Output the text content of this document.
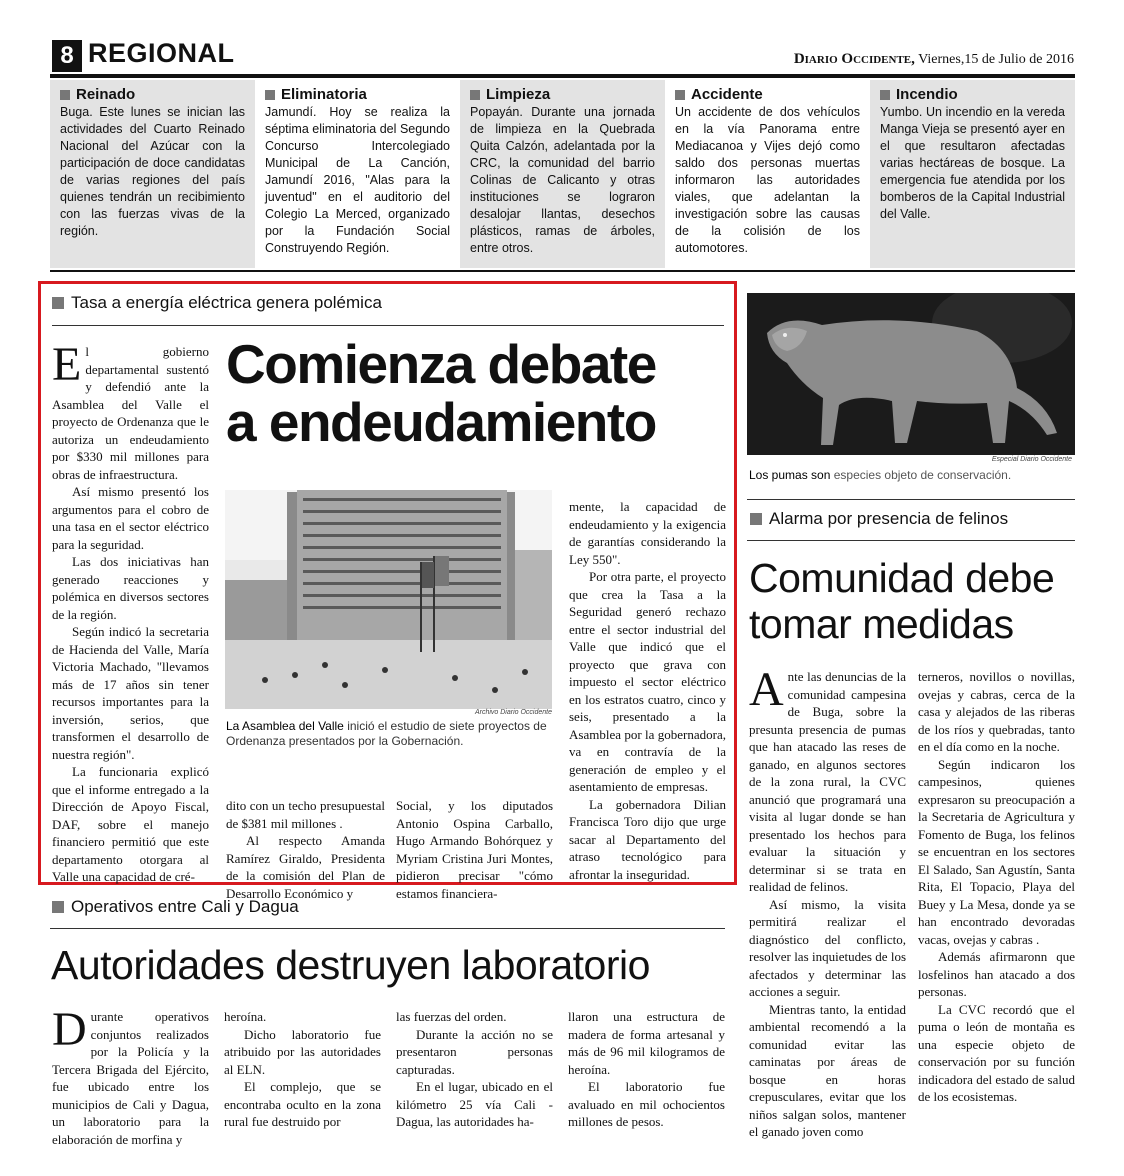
8 REGIONAL	Diario Occidente, Viernes,15 de Julio de 2016
Reinado

Buga. Este lunes se inician las actividades del Cuarto Reinado Nacional del Azúcar con la participación de doce candidatas de varias regiones del país quienes tendrán un recibimiento con las fuerzas vivas de la región.

Eliminatoria

Jamundí. Hoy se realiza la séptima eliminatoria del Segundo Concurso Intercolegiado Municipal de La Canción, Jamundí 2016, "Alas para la juventud" en el auditorio del Colegio La Merced, organizado por la Fundación Social Construyendo Región.

Limpieza

Popayán. Durante una jornada de limpieza en la Quebrada Quita Calzón, adelantada por la CRC, la comunidad del barrio Colinas de Calicanto y otras instituciones se lograron desalojar llantas, desechos plásticos, ramas de árboles, entre otros.

Accidente

Un accidente de dos vehículos en la vía Panorama entre Mediacanoa y Vijes dejó como saldo dos personas muertas informaron las autoridades viales, que adelantan la investigación sobre las causas de la colisión de los automotores.

Incendio

Yumbo. Un incendio en la vereda Manga Vieja se presentó ayer en el que resultaron afectadas varias hectáreas de bosque. La emergencia fue atendida por los bomberos de la Capital Industrial del Valle.

Tasa a energía eléctrica genera polémica
Comienza debate
a endeudamiento

El gobierno departamental sustentó y defendió ante la Asamblea del Valle el proyecto de Ordenanza que le autoriza un endeudamiento por $330 mil millones para obras de infraestructura.

Así mismo presentó los argumentos para el cobro de una tasa en el sector eléctrico para la seguridad.

Las dos iniciativas han generado reacciones y polémica en diversos sectores de la región.

Según indicó la secretaria de Hacienda del Valle, María Victoria Machado, "llevamos más de 17 años sin tener recursos importantes para la inversión, serios, que transformen el desarrollo de nuestra región".

La funcionaria explicó que el informe entregado a la Dirección de Apoyo Fiscal, DAF, sobre el manejo financiero permitió que este departamento otorgara al Valle una capacidad de cré-

Archivo Diario Occidente
La Asamblea del Valle inició el estudio de siete proyectos de Ordenanza presentados por la Gobernación.

dito con un techo presupuestal de $381 mil millones .

Al respecto Amanda Ramírez Giraldo, Presidenta de la comisión del Plan de Desarrollo Económico y

Social, y los diputados Antonio Ospina Carballo, Hugo Armando Bohórquez y Myriam Cristina Juri Montes, pidieron precisar "cómo estamos financiera-

mente, la capacidad de endeudamiento y la exigencia de garantías considerando la Ley 550".

Por otra parte, el proyecto que crea la Tasa a la Seguridad generó rechazo entre el sector industrial del Valle que indicó que el proyecto que grava con impuesto el sector eléctrico en los estratos cuatro, cinco y seis, presentado a la Asamblea por la gobernadora, va en contravía de la generación de empleo y el asentamiento de empresas.

La gobernadora Dilian Francisca Toro dijo que urge sacar al Departamento del atraso tecnológico para afrontar la inseguridad.

Especial Diario Occidente
Los pumas son especies objeto de conservación.
Alarma por presencia de felinos
Comunidad debe
tomar medidas

Ante las denuncias de la comunidad campesina de Buga, sobre la presunta presencia de pumas que han atacado las reses de ganado, en algunos sectores de la zona rural, la CVC anunció que programará una visita al lugar donde se han presentado los hechos para evaluar la situación y determinar si se trata en realidad de felinos.

Así mismo, la visita permitirá realizar el diagnóstico del conflicto, resolver las inquietudes de los afectados y determinar las acciones a seguir.

Mientras tanto, la entidad ambiental recomendó a la comunidad evitar las caminatas por áreas de bosque en horas crepusculares, evitar que los niños salgan solos, mantener el ganado joven como

terneros, novillos o novillas, ovejas y cabras, cerca de la casa y alejados de las riberas de los ríos y quebradas, tanto en el día como en la noche.

Según indicaron los campesinos, quienes expresaron su preocupación a la Secretaria de Agricultura y Fomento de Buga, los felinos se encuentran en los sectores El Salado, San Agustín, Santa Rita, El Topacio, Playa del Buey y La Mesa, donde ya se han encontrado devoradas vacas, ovejas y cabras .

Además afirmaronn que losfelinos han atacado a dos personas.

La CVC recordó que el puma o león de montaña es una especie objeto de conservación por su función indicadora del estado de salud de los ecosistemas.

Operativos entre Cali y Dagua
Autoridades destruyen laboratorio

Durante operativos conjuntos realizados por la Policía y la Tercera Brigada del Ejército, fue ubicado entre los municipios de Cali y Dagua, un laboratorio para la elaboración de morfina y

heroína.

Dicho laboratorio fue atribuido por las autoridades al ELN.

El complejo, que se encontraba oculto en la zona rural fue destruido por

las fuerzas del orden.

Durante la acción no se presentaron personas capturadas.

En el lugar, ubicado en el kilómetro 25 vía Cali - Dagua, las autoridades ha-

llaron una estructura de madera de forma artesanal y más de 96 mil kilogramos de heroína.

El laboratorio fue avaluado en mil ochocientos millones de pesos.
